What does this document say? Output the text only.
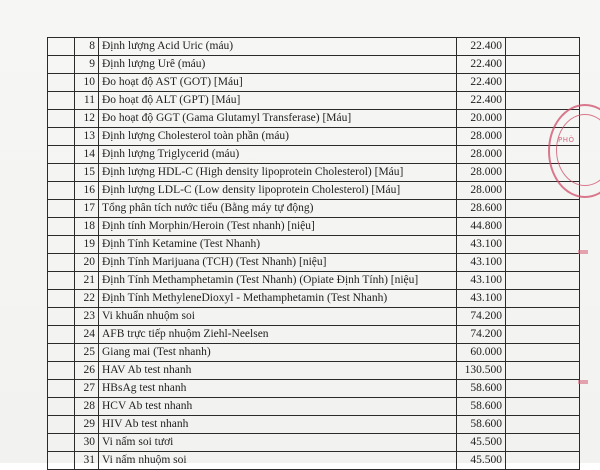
	8	Định lượng Acid Uric (máu)	22.400	
	9	Định lượng Urê (máu)	22.400	
	10	Đo hoạt độ AST (GOT) [Máu]	22.400	
	11	Đo hoạt độ ALT (GPT) [Máu]	22.400	
	12	Đo hoạt độ GGT (Gama Glutamyl Transferase) [Máu]	20.000	
	13	Định lượng Cholesterol toàn phần (máu)	28.000	
	14	Định lượng Triglycerid (máu)	28.000	
	15	Định lượng HDL-C (High density lipoprotein Cholesterol) [Máu]	28.000	
	16	Định lượng LDL-C (Low density lipoprotein Cholesterol) [Máu]	28.000	
	17	Tổng phân tích nước tiểu (Bằng máy tự động)	28.600	
	18	Định tính Morphin/Heroin (Test nhanh) [niệu]	44.800	
	19	Định Tính Ketamine (Test Nhanh)	43.100	
	20	Định Tính Marijuana (TCH) (Test Nhanh) [niệu]	43.100	
	21	Định Tính Methamphetamin (Test Nhanh) (Opiate Định Tính) [niệu]	43.100	
	22	Định Tính MethyleneDioxyl - Methamphetamin (Test Nhanh)	43.100	
	23	Vi khuẩn nhuộm soi	74.200	
	24	AFB trực tiếp nhuộm Ziehl-Neelsen	74.200	
	25	Giang mai (Test nhanh)	60.000	
	26	HAV Ab test nhanh	130.500	
	27	HBsAg test nhanh	58.600	
	28	HCV Ab test nhanh	58.600	
	29	HIV Ab test nhanh	58.600	
	30	Vi nấm soi tươi	45.500	
	31	Vi nấm nhuộm soi	45.500	
PHÒ
